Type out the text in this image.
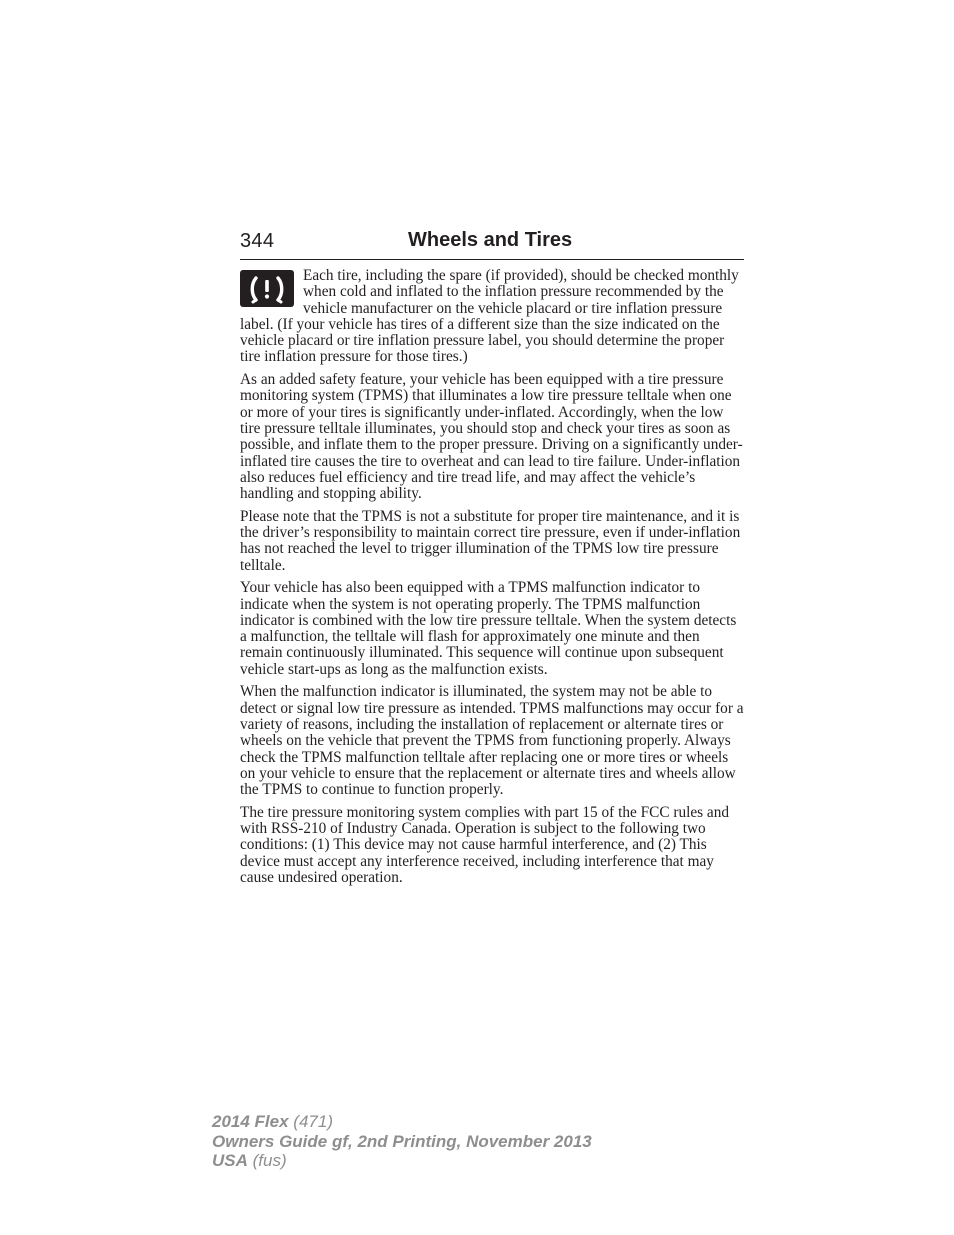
344	Wheels and Tires

Each tire, including the spare (if provided), should be checked monthly when cold and inflated to the inflation pressure recommended by the vehicle manufacturer on the vehicle placard or tire inflation pressure label. (If your vehicle has tires of a different size than the size indicated on the vehicle placard or tire inflation pressure label, you should determine the proper tire inflation pressure for those tires.)

As an added safety feature, your vehicle has been equipped with a tire pressure monitoring system (TPMS) that illuminates a low tire pressure telltale when one or more of your tires is significantly under-inflated. Accordingly, when the low tire pressure telltale illuminates, you should stop and check your tires as soon as possible, and inflate them to the proper pressure. Driving on a significantly under-inflated tire causes the tire to overheat and can lead to tire failure. Under-inflation also reduces fuel efficiency and tire tread life, and may affect the vehicle’s handling and stopping ability.

Please note that the TPMS is not a substitute for proper tire maintenance, and it is the driver’s responsibility to maintain correct tire pressure, even if under-inflation has not reached the level to trigger illumination of the TPMS low tire pressure telltale.

Your vehicle has also been equipped with a TPMS malfunction indicator to indicate when the system is not operating properly. The TPMS malfunction indicator is combined with the low tire pressure telltale. When the system detects a malfunction, the telltale will flash for approximately one minute and then remain continuously illuminated. This sequence will continue upon subsequent vehicle start-ups as long as the malfunction exists.

When the malfunction indicator is illuminated, the system may not be able to detect or signal low tire pressure as intended. TPMS malfunctions may occur for a variety of reasons, including the installation of replacement or alternate tires or wheels on the vehicle that prevent the TPMS from functioning properly. Always check the TPMS malfunction telltale after replacing one or more tires or wheels on your vehicle to ensure that the replacement or alternate tires and wheels allow the TPMS to continue to function properly.

The tire pressure monitoring system complies with part 15 of the FCC rules and with RSS-210 of Industry Canada. Operation is subject to the following two conditions: (1) This device may not cause harmful interference, and (2) This device must accept any interference received, including interference that may cause undesired operation.

2014 Flex (471)
Owners Guide gf, 2nd Printing, November 2013
USA (fus)
